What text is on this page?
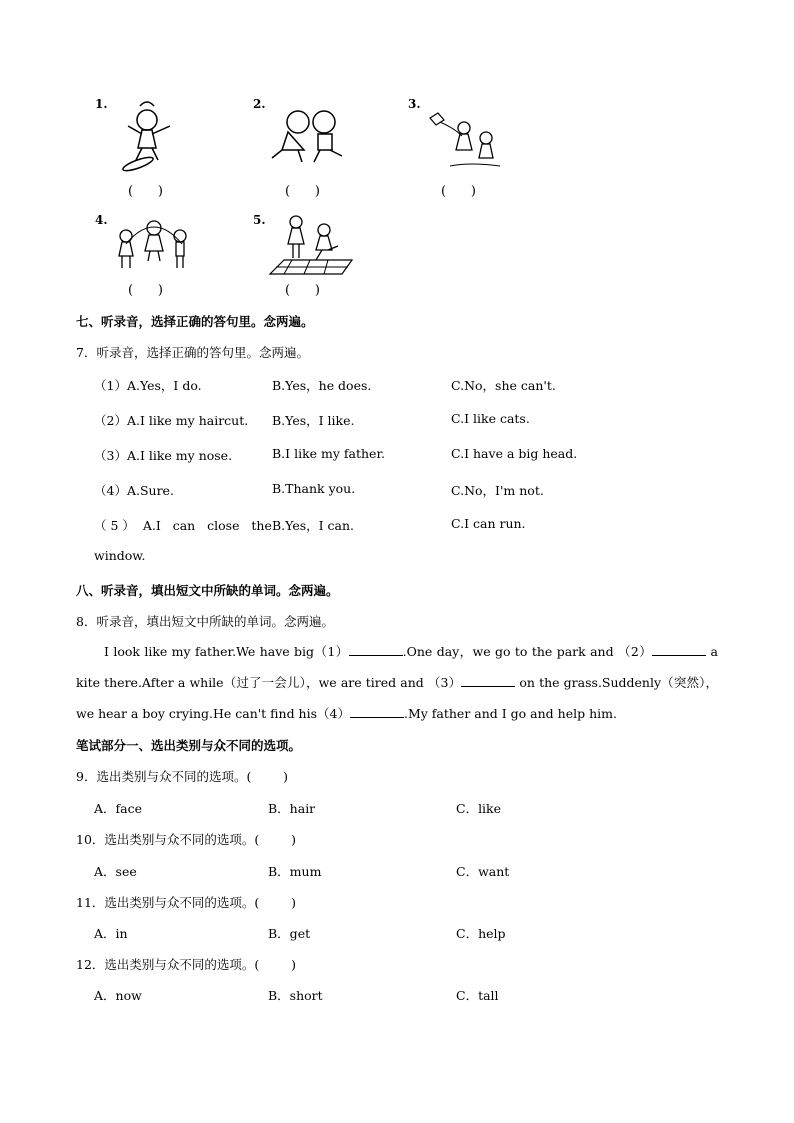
1.
(      )
2.
(      )
3.
(      )
4.
(      )
5.
(      )
七、听录音，选择正确的答句里。念两遍。
7．听录音，选择正确的答句里。念两遍。
（1）A.Yes，I do.	B.Yes，he does.	C.No，she can't.
（2）A.I like my haircut. B.Yes，I like.	C.I like cats.
（3）A.I like my nose.	B.I like my father.	C.I have a big head.
（4）A.Sure.	B.Thank you.	C.No，I'm not.
（ 5 ）  A.I   can   close   the B.Yes，I can.	C.I can run.
window.
八、听录音，填出短文中所缺的单词。念两遍。
8．听录音，填出短文中所缺的单词。念两遍。
I look like my father.We have big（1）	.One day，we go to the park and （2）	a kite there.After a while（过了一会儿），we are tired and （3）	on the grass.Suddenly（突然），we hear a boy crying.He can't find his（4）	.My father and I go and help him.
笔试部分一、选出类别与众不同的选项。
9．选出类别与众不同的选项。(        )
A．face	B．hair	C．like
10．选出类别与众不同的选项。(        )
A．see	B．mum	C．want
11．选出类别与众不同的选项。(        )
A．in	B．get	C．help
12．选出类别与众不同的选项。(        )
A．now	B．short	C．tall
